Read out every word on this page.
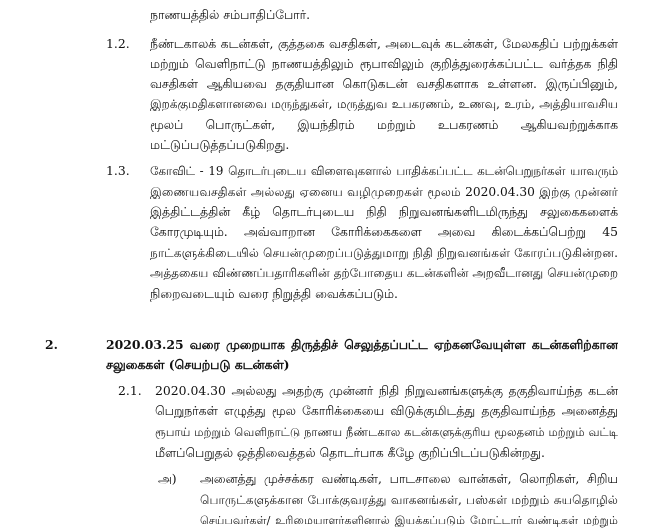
நாணயத்தில் சம்பாதிப்போர்.
1.2. நீண்டகாலக் கடன்கள், குத்தகை வசதிகள், அடைவுக் கடன்கள், மேலகதிப் பற்றுக்கள்
மற்றும் வெளிநாட்டு நாணயத்திலும் ரூபாவிலும் குறித்துரைக்கப்பட்ட வர்த்தக நிதி
வசதிகள் ஆகியவை தகுதியான கொடுகடன் வசதிகளாக உள்ளன. இருப்பினும்,
இறக்குமதிகளானவை மருந்துகள், மருத்துவ உபகரணம், உணவு, உரம், அத்தியாவசிய
மூலப் பொருட்கள், இயந்திரம் மற்றும் உபகரணம் ஆகியவற்றுக்காக
மட்டுப்படுத்தப்படுகிறது.
1.3. கோவிட் - 19 தொடர்புடைய விளைவுகளால் பாதிக்கப்பட்ட கடன்பெறுநர்கள் யாவரும்
இணையவசதிகள் அல்லது ஏனைய வழிமுறைகள் மூலம் 2020.04.30 இற்கு முன்னர்
இத்திட்டத்தின் கீழ் தொடர்புடைய நிதி நிறுவனங்களிடமிருந்து சலுகைகளைக்
கோரமுடியும். அவ்வாறான கோரிக்கைகளை அவை கிடைக்கப்பெற்று 45
நாட்களுக்கிடையில் செயன்முறைப்படுத்துமாறு நிதி நிறுவனங்கள் கோரப்படுகின்றன.
அத்தகைய விண்ணப்பதாரிகளின் தற்போதைய கடன்களின் அறவீடானது செயன்முறை
நிறைவடையும் வரை நிறுத்தி வைக்கப்படும்.
2.	2020.03.25 வரை முறையாக திருத்திச் செலுத்தப்பட்ட ஏற்கனவேயுள்ள கடன்களிற்கான
சலுகைகள் (செயற்படு கடன்கள்)
2.1. 2020.04.30 அல்லது அதற்கு முன்னர் நிதி நிறுவனங்களுக்கு தகுதிவாய்ந்த கடன்
பெறுநர்கள் எழுத்து மூல கோரிக்கையை விடுக்குமிடத்து தகுதிவாய்ந்த அனைத்து
ரூபாய் மற்றும் வெளிநாட்டு நாணய நீண்டகால கடன்களுக்குரிய மூலதனம் மற்றும் வட்டி
மீளப்பெறுதல் ஒத்திவைத்தல் தொடர்பாக கீழே குறிப்பிடப்படுகின்றது.
அ) அனைத்து முச்சக்கர வண்டிகள், பாடசாலை வான்கள், லொறிகள், சிறிய
பொருட்களுக்கான போக்குவரத்து வாகனங்கள், பஸ்கள் மற்றும் சுயதொழில்
செய்பவர்கள்/ உரிமையாளர்களினால் இயக்கப்படும் மோட்டார் வண்டிகள் மற்றும்
